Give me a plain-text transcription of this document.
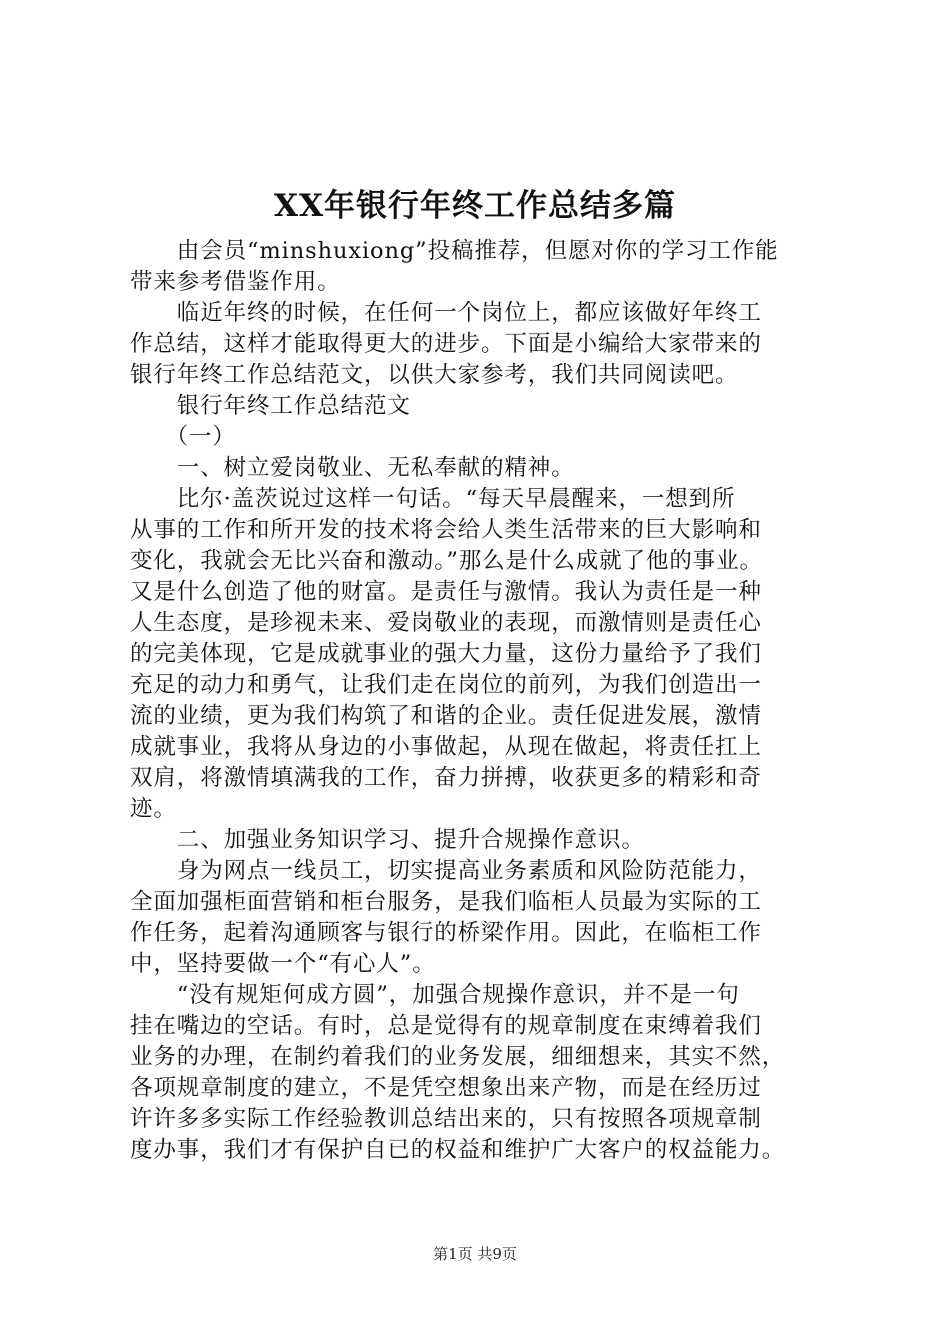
XX年银行年终工作总结多篇
　　由会员“minshuxiong”投稿推荐，但愿对你的学习工作能
带来参考借鉴作用。
　　临近年终的时候，在任何一个岗位上，都应该做好年终工
作总结，这样才能取得更大的进步。下面是小编给大家带来的
银行年终工作总结范文，以供大家参考，我们共同阅读吧。
　　银行年终工作总结范文
　　（一）
　　一、树立爱岗敬业、无私奉献的精神。
　　比尔·盖茨说过这样一句话。“每天早晨醒来，一想到所
从事的工作和所开发的技术将会给人类生活带来的巨大影响和
变化，我就会无比兴奋和激动。”那么是什么成就了他的事业。
又是什么创造了他的财富。是责任与激情。我认为责任是一种
人生态度，是珍视未来、爱岗敬业的表现，而激情则是责任心
的完美体现，它是成就事业的强大力量，这份力量给予了我们
充足的动力和勇气，让我们走在岗位的前列，为我们创造出一
流的业绩，更为我们构筑了和谐的企业。责任促进发展，激情
成就事业，我将从身边的小事做起，从现在做起，将责任扛上
双肩，将激情填满我的工作，奋力拼搏，收获更多的精彩和奇
迹。
　　二、加强业务知识学习、提升合规操作意识。
　　身为网点一线员工，切实提高业务素质和风险防范能力，
全面加强柜面营销和柜台服务，是我们临柜人员最为实际的工
作任务，起着沟通顾客与银行的桥梁作用。因此，在临柜工作
中，坚持要做一个“有心人”。
　　“没有规矩何成方圆”，加强合规操作意识，并不是一句
挂在嘴边的空话。有时，总是觉得有的规章制度在束缚着我们
业务的办理，在制约着我们的业务发展，细细想来，其实不然，
各项规章制度的建立，不是凭空想象出来产物，而是在经历过
许许多多实际工作经验教训总结出来的，只有按照各项规章制
度办事，我们才有保护自已的权益和维护广大客户的权益能力。
第1页 共9页
